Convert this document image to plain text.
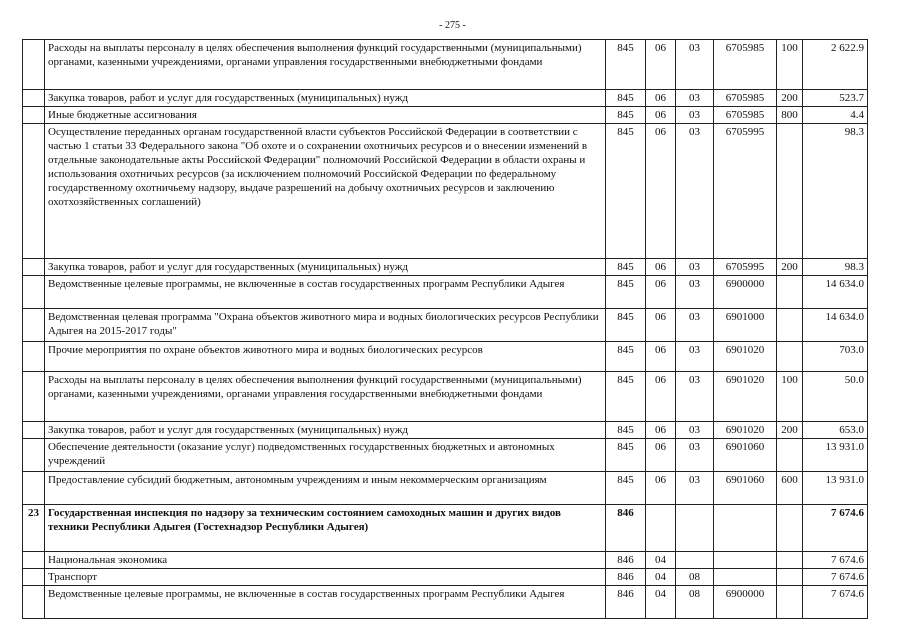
- 275 -
	Расходы на выплаты персоналу в целях обеспечения выполнения функций государственными (муниципальными) органами, казенными учреждениями, органами управления государственными внебюджетными фондами	845	06	03	6705985	100	2 622.9
	Закупка товаров, работ и услуг для государственных (муниципальных) нужд	845	06	03	6705985	200	523.7
	Иные бюджетные ассигнования	845	06	03	6705985	800	4.4
	Осуществление переданных органам государственной власти субъектов Российской Федерации в соответствии с частью 1 статьи 33 Федерального закона "Об охоте и о сохранении охотничьих ресурсов и о внесении изменений в отдельные законодательные акты Российской Федерации" полномочий Российской Федерации в области охраны и использования охотничьих ресурсов (за исключением полномочий Российской Федерации по федеральному государственному охотничьему надзору, выдаче разрешений на добычу охотничьих ресурсов и заключению охотхозяйственных соглашений)	845	06	03	6705995		98.3
	Закупка товаров, работ и услуг для государственных (муниципальных) нужд	845	06	03	6705995	200	98.3
	Ведомственные целевые программы, не включенные в состав государственных программ Республики Адыгея	845	06	03	6900000		14 634.0
	Ведомственная целевая программа "Охрана объектов животного мира и водных биологических ресурсов Республики Адыгея на 2015-2017 годы"	845	06	03	6901000		14 634.0
	Прочие мероприятия по охране объектов животного мира и водных биологических ресурсов	845	06	03	6901020		703.0
	Расходы на выплаты персоналу в целях обеспечения выполнения функций государственными (муниципальными) органами, казенными учреждениями, органами управления государственными внебюджетными фондами	845	06	03	6901020	100	50.0
	Закупка товаров, работ и услуг для государственных (муниципальных) нужд	845	06	03	6901020	200	653.0
	Обеспечение деятельности (оказание услуг) подведомственных государственных бюджетных и автономных учреждений	845	06	03	6901060		13 931.0
	Предоставление субсидий бюджетным, автономным учреждениям и иным некоммерческим организациям	845	06	03	6901060	600	13 931.0
23	Государственная инспекция по надзору за техническим состоянием самоходных машин и других видов техники Республики Адыгея (Гостехнадзор Республики Адыгея)	846					7 674.6
	Национальная экономика	846	04				7 674.6
	Транспорт	846	04	08			7 674.6
	Ведомственные целевые программы, не включенные в состав государственных программ Республики Адыгея	846	04	08	6900000		7 674.6
